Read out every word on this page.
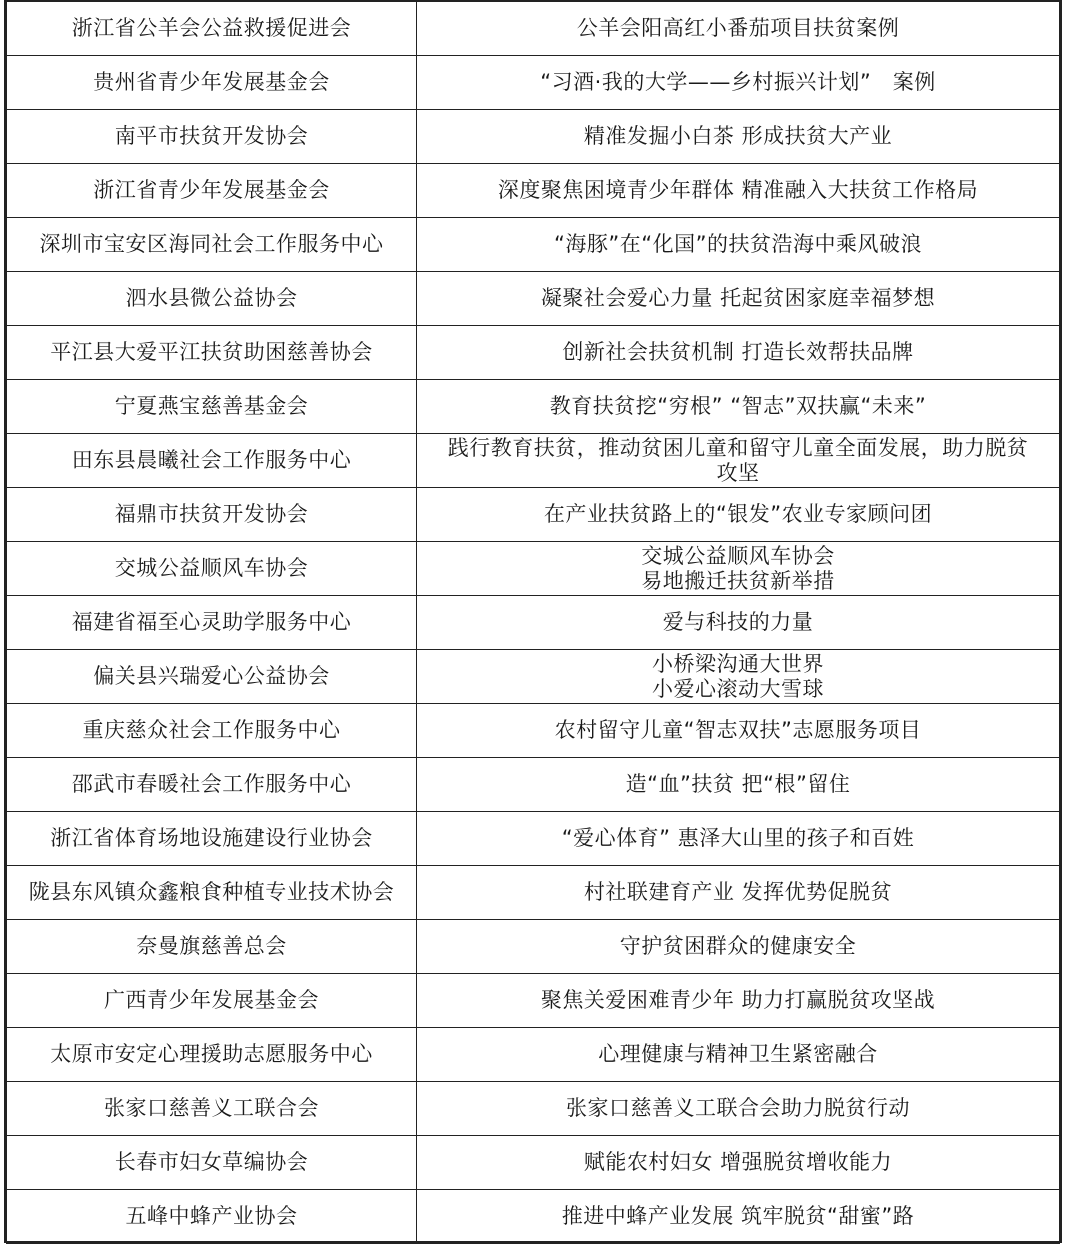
浙江省公羊会公益救援促进会	公羊会阳高红小番茄项目扶贫案例

贵州省青少年发展基金会	“习酒·我的大学——乡村振兴计划”　案例

南平市扶贫开发协会	精准发掘小白茶 形成扶贫大产业

浙江省青少年发展基金会	深度聚焦困境青少年群体 精准融入大扶贫工作格局

深圳市宝安区海同社会工作服务中心	“海豚”在“化国”的扶贫浩海中乘风破浪

泗水县微公益协会	凝聚社会爱心力量 托起贫困家庭幸福梦想

平江县大爱平江扶贫助困慈善协会	创新社会扶贫机制 打造长效帮扶品牌

宁夏燕宝慈善基金会	教育扶贫挖“穷根” “智志”双扶赢“未来”

田东县晨曦社会工作服务中心	践行教育扶贫，推动贫困儿童和留守儿童全面发展，助力脱贫
攻坚

福鼎市扶贫开发协会	在产业扶贫路上的“银发”农业专家顾问团

交城公益顺风车协会	交城公益顺风车协会
易地搬迁扶贫新举措

福建省福至心灵助学服务中心	爱与科技的力量

偏关县兴瑞爱心公益协会	小桥梁沟通大世界
小爱心滚动大雪球

重庆慈众社会工作服务中心	农村留守儿童“智志双扶”志愿服务项目

邵武市春暖社会工作服务中心	造“血”扶贫 把“根”留住

浙江省体育场地设施建设行业协会	“爱心体育” 惠泽大山里的孩子和百姓

陇县东风镇众鑫粮食种植专业技术协会	村社联建育产业 发挥优势促脱贫

奈曼旗慈善总会	守护贫困群众的健康安全

广西青少年发展基金会	聚焦关爱困难青少年 助力打赢脱贫攻坚战

太原市安定心理援助志愿服务中心	心理健康与精神卫生紧密融合

张家口慈善义工联合会	张家口慈善义工联合会助力脱贫行动

长春市妇女草编协会	赋能农村妇女 增强脱贫增收能力

五峰中蜂产业协会	推进中蜂产业发展 筑牢脱贫“甜蜜”路
